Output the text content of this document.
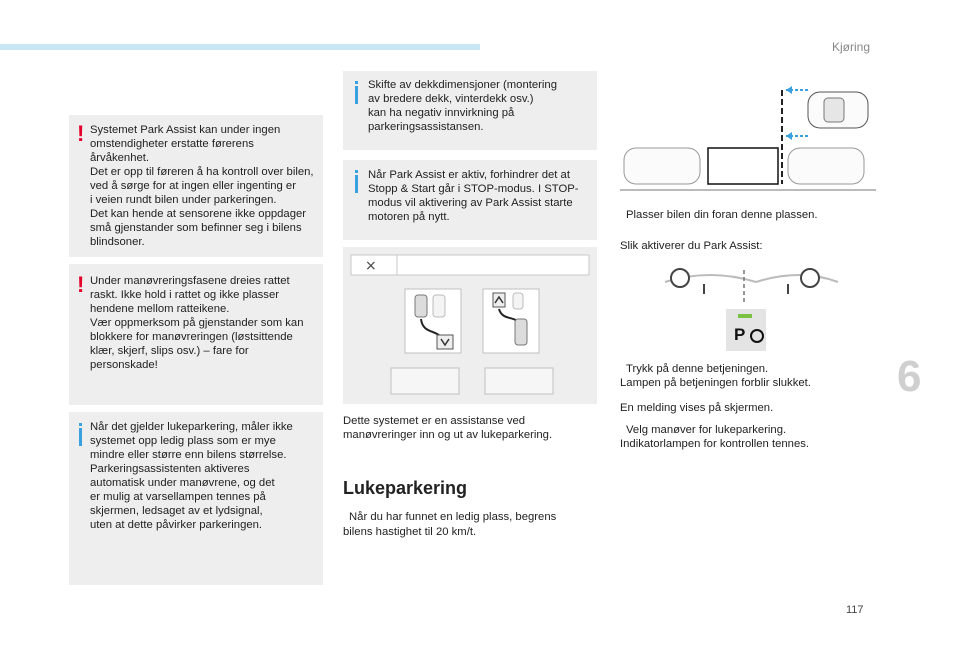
Kjøring
6
117
! Systemet Park Assist kan under ingen
omstendigheter erstatte førerens
årvåkenhet.
Det er opp til føreren å ha kontroll over bilen,
ved å sørge for at ingen eller ingenting er
i veien rundt bilen under parkeringen.
Det kan hende at sensorene ikke oppdager
små gjenstander som befinner seg i bilens
blindsoner.

! Under manøvreringsfasene dreies rattet
raskt. Ikke hold i rattet og ikke plasser
hendene mellom ratteikene.
Vær oppmerksom på gjenstander som kan
blokkere for manøvreringen (løstsittende
klær, skjerf, slips osv.) – fare for
personskade!

Når det gjelder lukeparkering, måler ikke
systemet opp ledig plass som er mye
mindre eller større enn bilens størrelse.
Parkeringsassistenten aktiveres
automatisk under manøvrene, og det
er mulig at varsellampen tennes på
skjermen, ledsaget av et lydsignal,
uten at dette påvirker parkeringen.

Skifte av dekkdimensjoner (montering
av bredere dekk, vinterdekk osv.)
kan ha negativ innvirkning på
parkeringsassistansen.

Når Park Assist er aktiv, forhindrer det at
Stopp & Start går i STOP-modus. I STOP-
modus vil aktivering av Park Assist starte
motoren på nytt.

×

Dette systemet er en assistanse ved
manøvreringer inn og ut av lukeparkering.

Lukeparkering

Når du har funnet en ledig plass, begrens
bilens hastighet til 20 km/t.

Plasser bilen din foran denne plassen.

Slik aktiverer du Park Assist:

P

Trykk på denne betjeningen.

Lampen på betjeningen forblir slukket.

En melding vises på skjermen.

Velg manøver for lukeparkering.

Indikatorlampen for kontrollen tennes.
